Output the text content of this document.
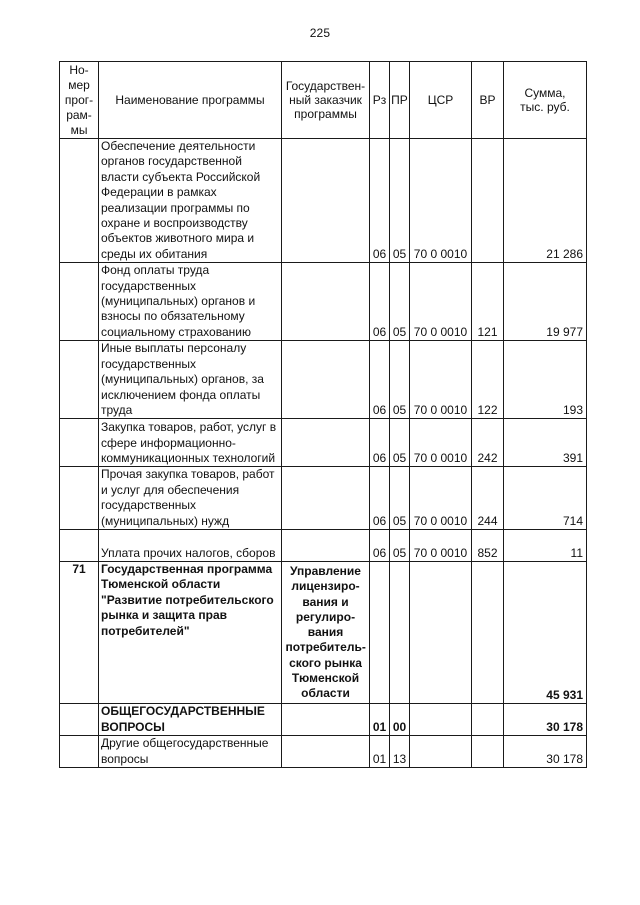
225
Но-мер прог-рам-мы	Наименование программы	Государствен-ный заказчик программы	Рз	ПР	ЦСР	ВР	Сумма, тыс. руб.

	Обеспечение деятельности органов государственной власти субъекта Российской Федерации в рамках реализации программы по охране и воспроизводству объектов животного мира и среды их обитания		06	05	70 0 0010		21 286
	Фонд оплаты труда государственных (муниципальных) органов и взносы по обязательному социальному страхованию		06	05	70 0 0010	121	19 977
	Иные выплаты персоналу государственных (муниципальных) органов, за исключением фонда оплаты труда		06	05	70 0 0010	122	193
	Закупка товаров, работ, услуг в сфере информационно-коммуникационных технологий		06	05	70 0 0010	242	391
	Прочая закупка товаров, работ и услуг для обеспечения государственных (муниципальных) нужд		06	05	70 0 0010	244	714
	Уплата прочих налогов, сборов		06	05	70 0 0010	852	11
71	Государственная программа Тюменской области "Развитие потребительского рынка и защита прав потребителей"	Управление лицензиро-вания и регулиро-вания потребитель-ского рынка Тюменской области					45 931
	ОБЩЕГОСУДАРСТВЕННЫЕ ВОПРОСЫ		01	00			30 178
	Другие общегосударственные вопросы		01	13			30 178
